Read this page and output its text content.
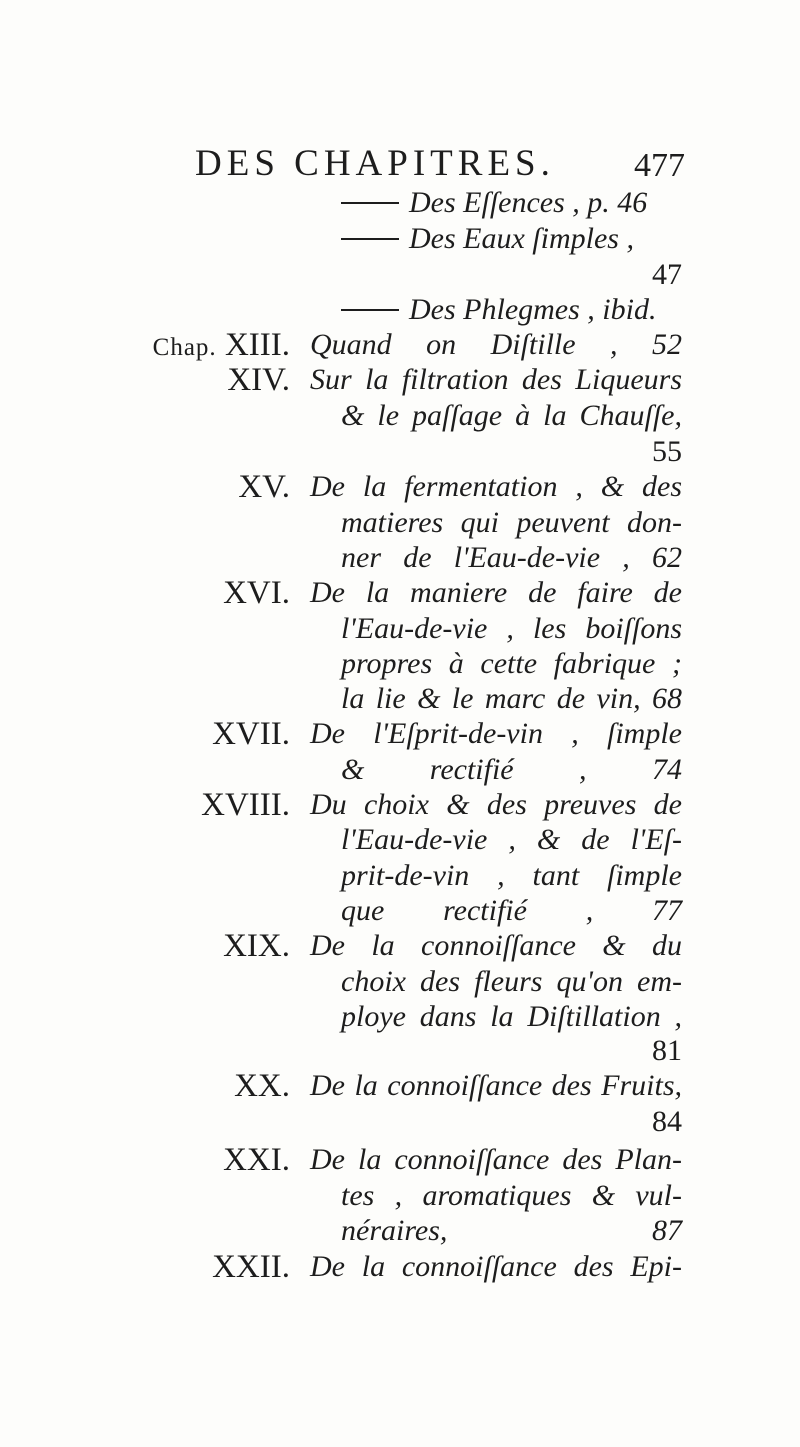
DES CHAPITRES. 477
Des Eſſences , p. 46
Des Eaux ſimples ,
47
Des Phlegmes , ibid.
Chap. XIII. Quand on Diſtille , 52
XIV. Sur la filtration des Liqueurs
& le paſſage à la Chauſſe,
55
XV. De la fermentation , & des
matieres qui peuvent don-
ner de l'Eau-de-vie , 62
XVI. De la maniere de faire de
l'Eau-de-vie , les boiſſons
propres à cette fabrique ;
la lie & le marc de vin, 68
XVII. De l'Eſprit-de-vin , ſimple
& rectifié , 74
XVIII. Du choix & des preuves de
l'Eau-de-vie , & de l'Eſ-
prit-de-vin , tant ſimple
que rectifié , 77
XIX. De la connoiſſance & du
choix des fleurs qu'on em-
ploye dans la Diſtillation ,
81
XX. De la connoiſſance des Fruits,
84
XXI. De la connoiſſance des Plan-
tes , aromatiques & vul-
néraires, 87
XXII. De la connoiſſance des Epi-
